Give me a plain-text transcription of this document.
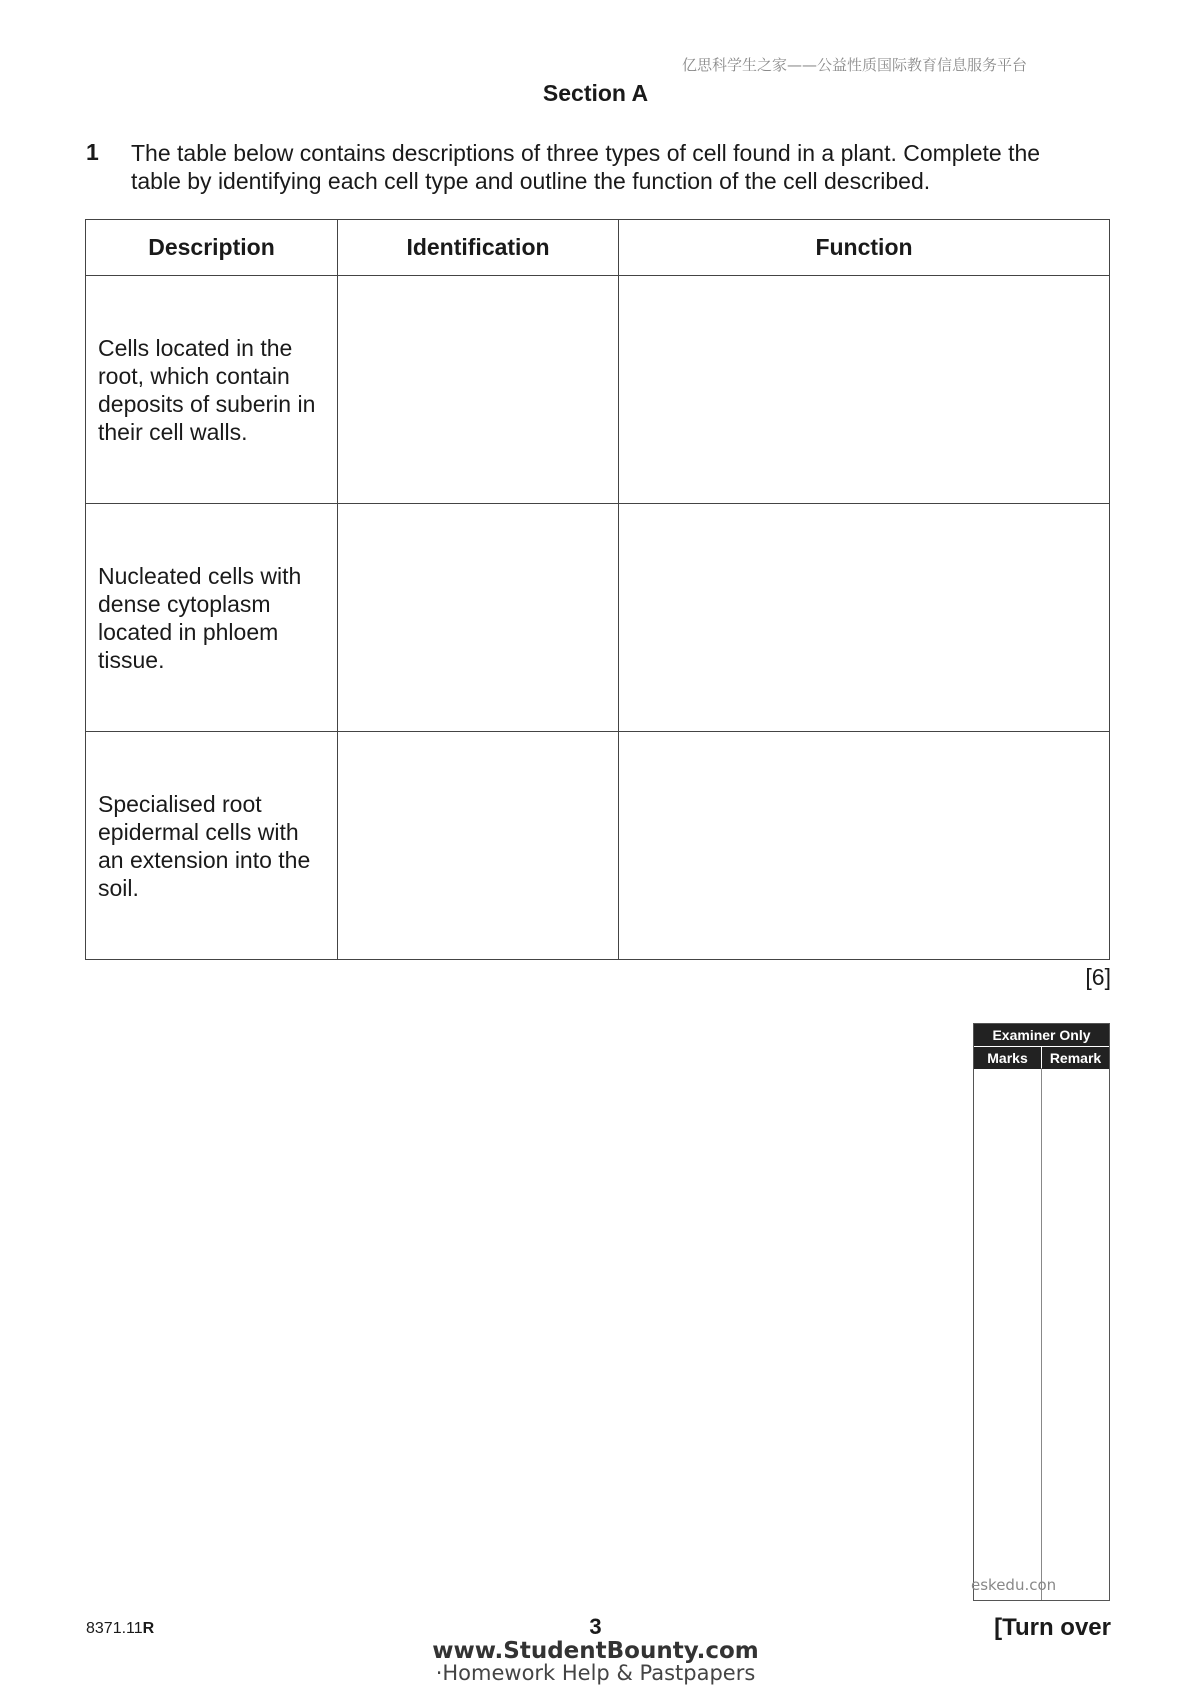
亿思科学生之家——公益性质国际教育信息服务平台
Section A
1 The table below contains descriptions of three types of cell found in a plant. Complete the table by identifying each cell type and outline the function of the cell described.
Description	Identification	Function

Cells located in the root, which contain deposits of suberin in their cell walls.		

Nucleated cells with dense cytoplasm located in phloem tissue.		

Specialised root epidermal cells with an extension into the soil.		

[6]
Examiner Only
Marks	Remark
eskedu.con
8371.11R	3	[Turn over
www.StudentBounty.com
·Homework Help & Pastpapers
